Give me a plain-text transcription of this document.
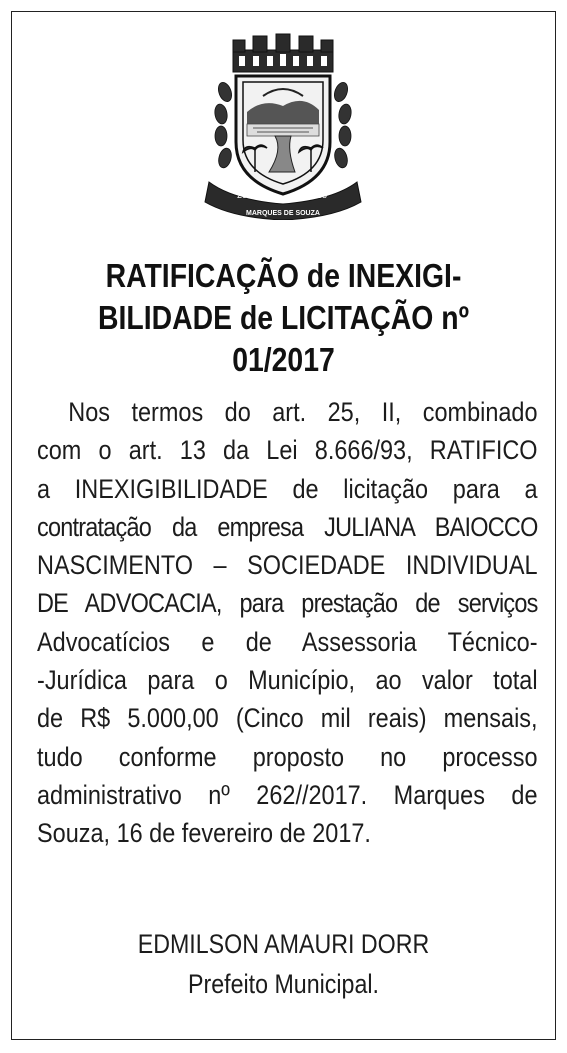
28-12	1965
MARQUES DE SOUZA
RATIFICAÇÃO de INEXIGI-
BILIDADE de LICITAÇÃO nº
01/2017
Nos termos do art. 25, II, combinado
com o art. 13 da Lei 8.666/93, RATIFICO
a INEXIGIBILIDADE de licitação para a
contratação da empresa JULIANA BAIOCCO
NASCIMENTO – SOCIEDADE INDIVIDUAL
DE ADVOCACIA, para prestação de serviços
Advocatícios e de Assessoria Técnico-
-Jurídica para o Município, ao valor total
de R$ 5.000,00 (Cinco mil reais) mensais,
tudo conforme proposto no processo
administrativo nº 262//2017. Marques de
Souza, 16 de fevereiro de 2017.
EDMILSON AMAURI DORR
Prefeito Municipal.
